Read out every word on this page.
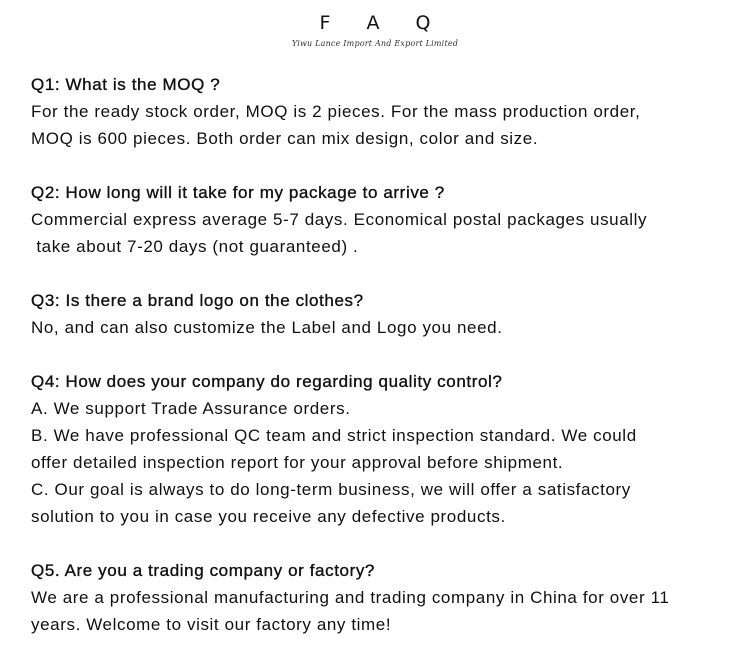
F A Q
Yiwu Lance Import And Export Limited
Q1: What is the MOQ ?
For the ready stock order, MOQ is 2 pieces. For the mass production order,
MOQ is 600 pieces. Both order can mix design, color and size.
Q2: How long will it take for my package to arrive ?
Commercial express average 5-7 days. Economical postal packages usually
take about 7-20 days (not guaranteed) .
Q3: Is there a brand logo on the clothes?
No, and can also customize the Label and Logo you need.
Q4: How does your company do regarding quality control?
A. We support Trade Assurance orders.
B. We have professional QC team and strict inspection standard. We could
offer detailed inspection report for your approval before shipment.
C. Our goal is always to do long-term business, we will offer a satisfactory
solution to you in case you receive any defective products.
Q5. Are you a trading company or factory?
We are a professional manufacturing and trading company in China for over 11
years. Welcome to visit our factory any time!
